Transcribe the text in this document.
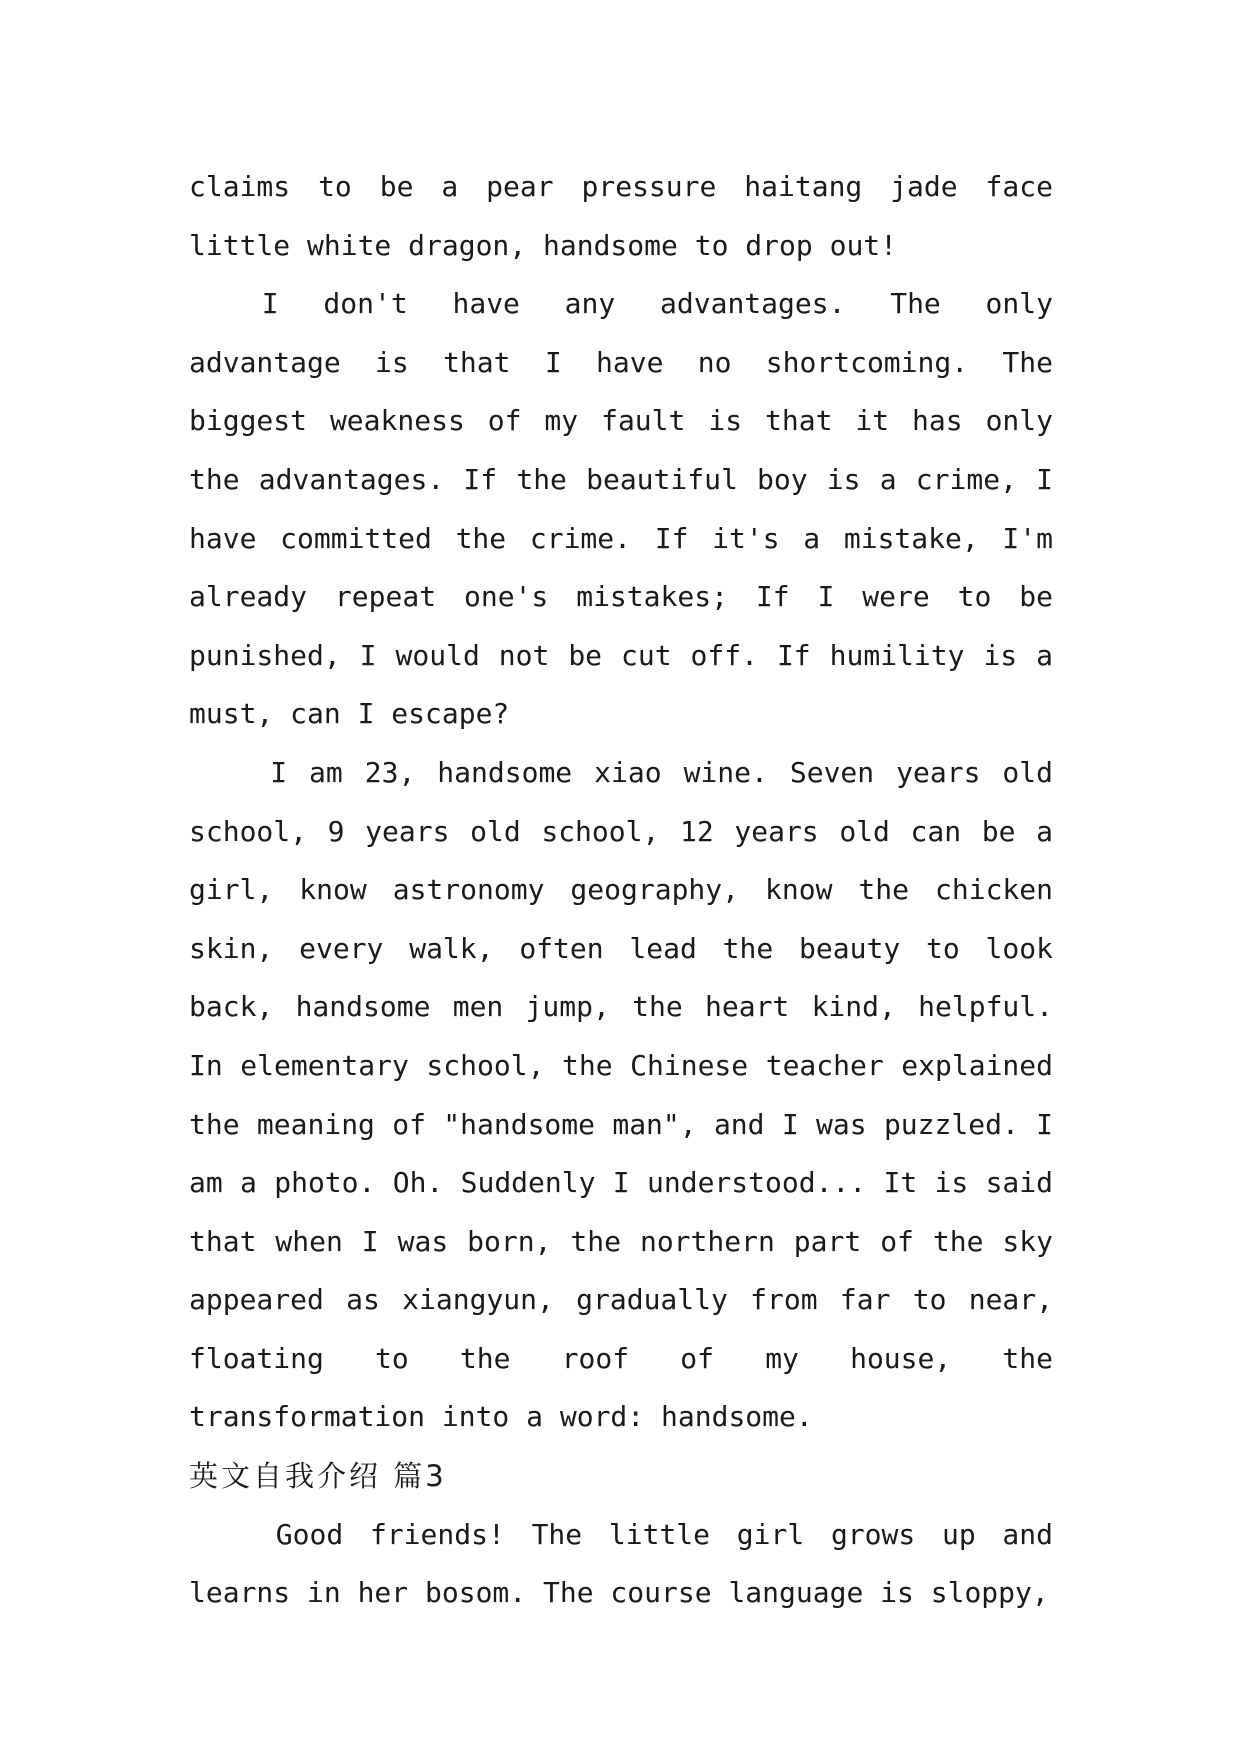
claims to be a pear pressure haitang jade face little white dragon, handsome to drop out!

I don't have any advantages. The only advantage is that I have no shortcoming. The biggest weakness of my fault is that it has only the advantages. If the beautiful boy is a crime, I have committed the crime. If it's a mistake, I'm already repeat one's mistakes; If I were to be punished, I would not be cut off. If humility is a must, can I escape?

I am 23, handsome xiao wine. Seven years old school, 9 years old school, 12 years old can be a girl, know astronomy geography, know the chicken skin, every walk, often lead the beauty to look back, handsome men jump, the heart kind, helpful. In elementary school, the Chinese teacher explained the meaning of "handsome man", and I was puzzled. I am a photo. Oh. Suddenly I understood... It is said that when I was born, the northern part of the sky appeared as xiangyun, gradually from far to near, floating to the roof of my house, the transformation into a word: handsome.

英文自我介绍 篇3

Good friends! The little girl grows up and learns in her bosom. The course language is sloppy,
